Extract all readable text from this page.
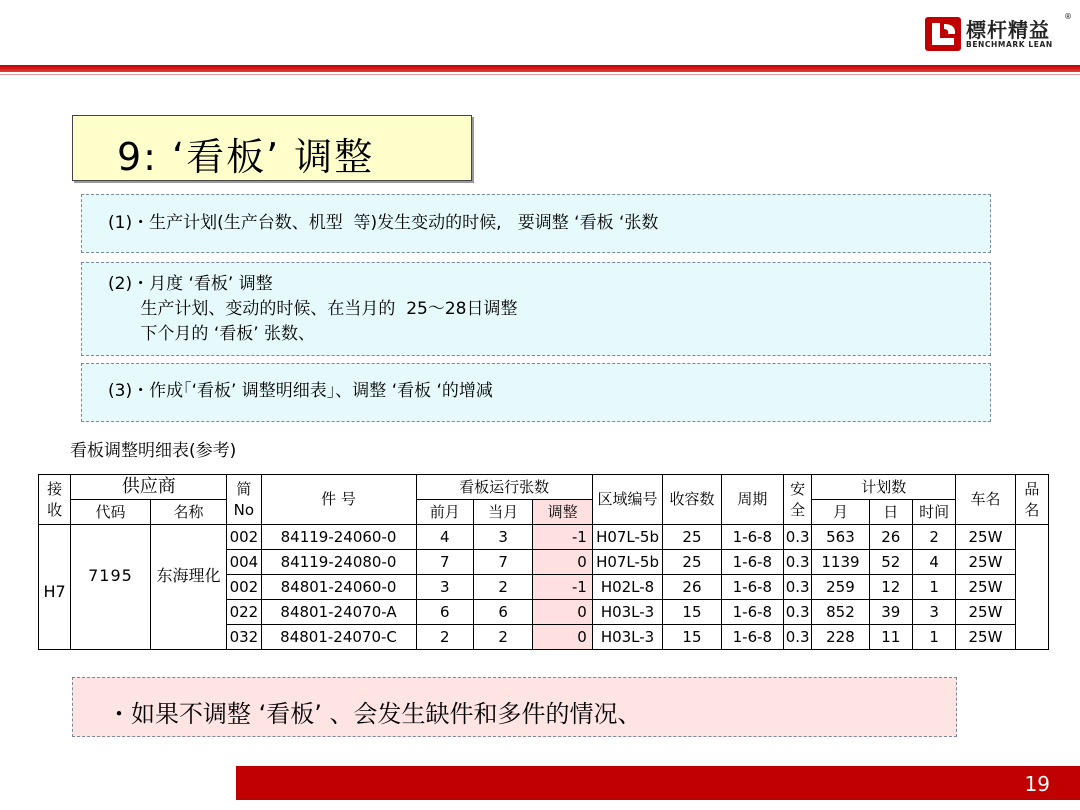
標杆精益
BENCHMARK LEAN
®
9: ‘看板’ 调整
(1)・生产计划(生产台数、机型  等)发生变动的时候,   要调整 ‘看板 ‘张数
(2)・月度 ‘看板’ 调整
生产计划、变动的时候、在当月的  25～28日调整
下个月的 ‘看板’ 张数、
(3)・作成｢‘看板’ 调整明细表｣、调整 ‘看板 ‘的增减
看板调整明细表(参考)
接收	供应商		简No	件 号	看板运行张数			区域编号	收容数	周期	安全	计划数			车名	品名
	代码	名称			前月	当月	调整					月	日	时间		
H7	7195	东海理化	002	84119-24060-0	4	3	-1	H07L-5b	25	1-6-8	0.3	563	26	2	25W	
			004	84119-24080-0	7	7	0	H07L-5b	25	1-6-8	0.3	1139	52	4	25W	
			002	84801-24060-0	3	2	-1	H02L-8	26	1-6-8	0.3	259	12	1	25W	
			022	84801-24070-A	6	6	0	H03L-3	15	1-6-8	0.3	852	39	3	25W	
			032	84801-24070-C	2	2	0	H03L-3	15	1-6-8	0.3	228	11	1	25W	
・如果不调整 ‘看板’ 、会发生缺件和多件的情况、
19
